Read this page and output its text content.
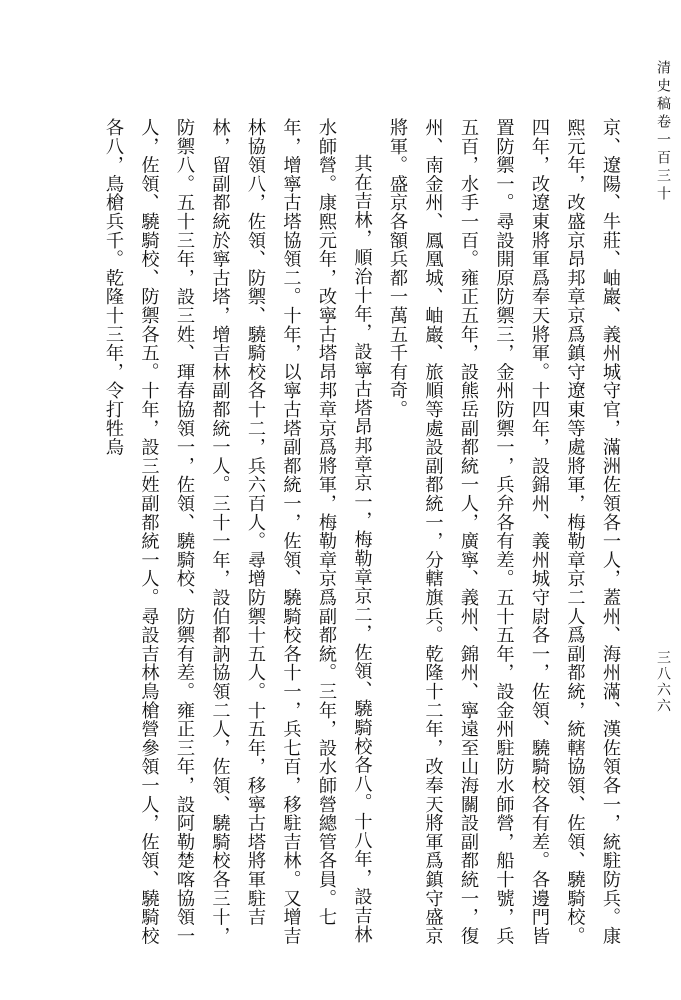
清史稿卷一百三十
三八六六

京、遼陽、牛莊、岫巖、義州城守官，滿洲佐領各一人，蓋州、海州滿、漢佐領各一，統駐防兵。康熙元年，改盛京昂邦章京爲鎮守遼東等處將軍，梅勒章京二人爲副都統，統轄協領、佐領、驍騎校。四年，改遼東將軍爲奉天將軍。十四年，設錦州、義州城守尉各一，佐領、驍騎校各有差。各邊門皆置防禦一。尋設開原防禦三，金州防禦一，兵弁各有差。五十五年，設金州駐防水師營，船十號，兵五百，水手一百。雍正五年，設熊岳副都統一人，廣寧、義州、錦州、寧遠至山海關設副都統一，復州、南金州、鳳凰城、岫巖、旅順等處設副都統一，分轄旗兵。乾隆十二年，改奉天將軍爲鎮守盛京將軍。盛京各額兵都一萬五千有奇。

其在吉林，順治十年，設寧古塔昂邦章京一，梅勒章京二，佐領、驍騎校各八。十八年，設吉林水師營。康熙元年，改寧古塔昂邦章京爲將軍，梅勒章京爲副都統。三年，設水師營總管各員。七年，增寧古塔協領二。十年，以寧古塔副都統一，佐領、驍騎校各十一，兵七百，移駐吉林。又增吉林協領八，佐領、防禦、驍騎校各十二，兵六百人。尋增防禦十五人。十五年，移寧古塔將軍駐吉林，留副都統於寧古塔，增吉林副都統一人。三十一年，設伯都訥協領二人，佐領、驍騎校各三十，防禦八。五十三年，設三姓、琿春協領一，佐領、驍騎校、防禦有差。雍正三年，設阿勒楚喀協領一人，佐領、驍騎校、防禦各五。十年，設三姓副都統一人。尋設吉林鳥槍營參領一人，佐領、驍騎校各八，鳥槍兵千。乾隆十三年，令打牲烏
